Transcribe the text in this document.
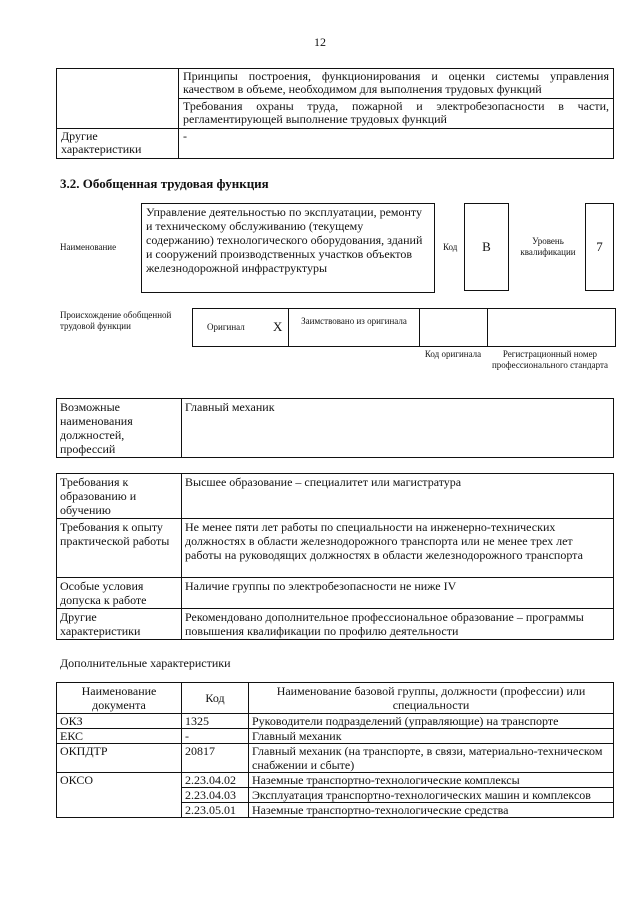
12
	Принципы построения, функционирования и оценки системы управления качеством в объеме, необходимом для выполнения трудовых функций
	Требования охраны труда, пожарной и электробезопасности в части, регламентирующей выполнение трудовых функций
Другие характеристики	-
3.2. Обобщенная трудовая функция
Наименование
Управление деятельностью по эксплуатации, ремонту и техническому обслуживанию (текущему содержанию) технологического оборудования, зданий и сооружений производственных участков объектов железнодорожной инфраструктуры
Код	B	Уровень квалификации	7
Происхождение обобщенной трудовой функции	Оригинал X	Заимствовано из оригинала
Код оригинала	Регистрационный номер профессионального стандарта
Возможные наименования должностей, профессий	Главный механик
Требования к образованию и обучению	Высшее образование – специалитет или магистратура
Требования к опыту практической работы	Не менее пяти лет работы по специальности на инженерно-технических должностях в области железнодорожного транспорта или не менее трех лет работы на руководящих должностях в области железнодорожного транспорта
Особые условия допуска к работе	Наличие группы по электробезопасности не ниже IV
Другие характеристики	Рекомендовано дополнительное профессиональное образование – программы повышения квалификации по профилю деятельности
Дополнительные характеристики
Наименование документа	Код	Наименование базовой группы, должности (профессии) или специальности
ОКЗ	1325	Руководители подразделений (управляющие) на транспорте
ЕКС	-	Главный механик
ОКПДТР	20817	Главный механик (на транспорте, в связи, материально-техническом снабжении и сбыте)
ОКСО	2.23.04.02	Наземные транспортно-технологические комплексы
	2.23.04.03	Эксплуатация транспортно-технологических машин и комплексов
	2.23.05.01	Наземные транспортно-технологические средства
